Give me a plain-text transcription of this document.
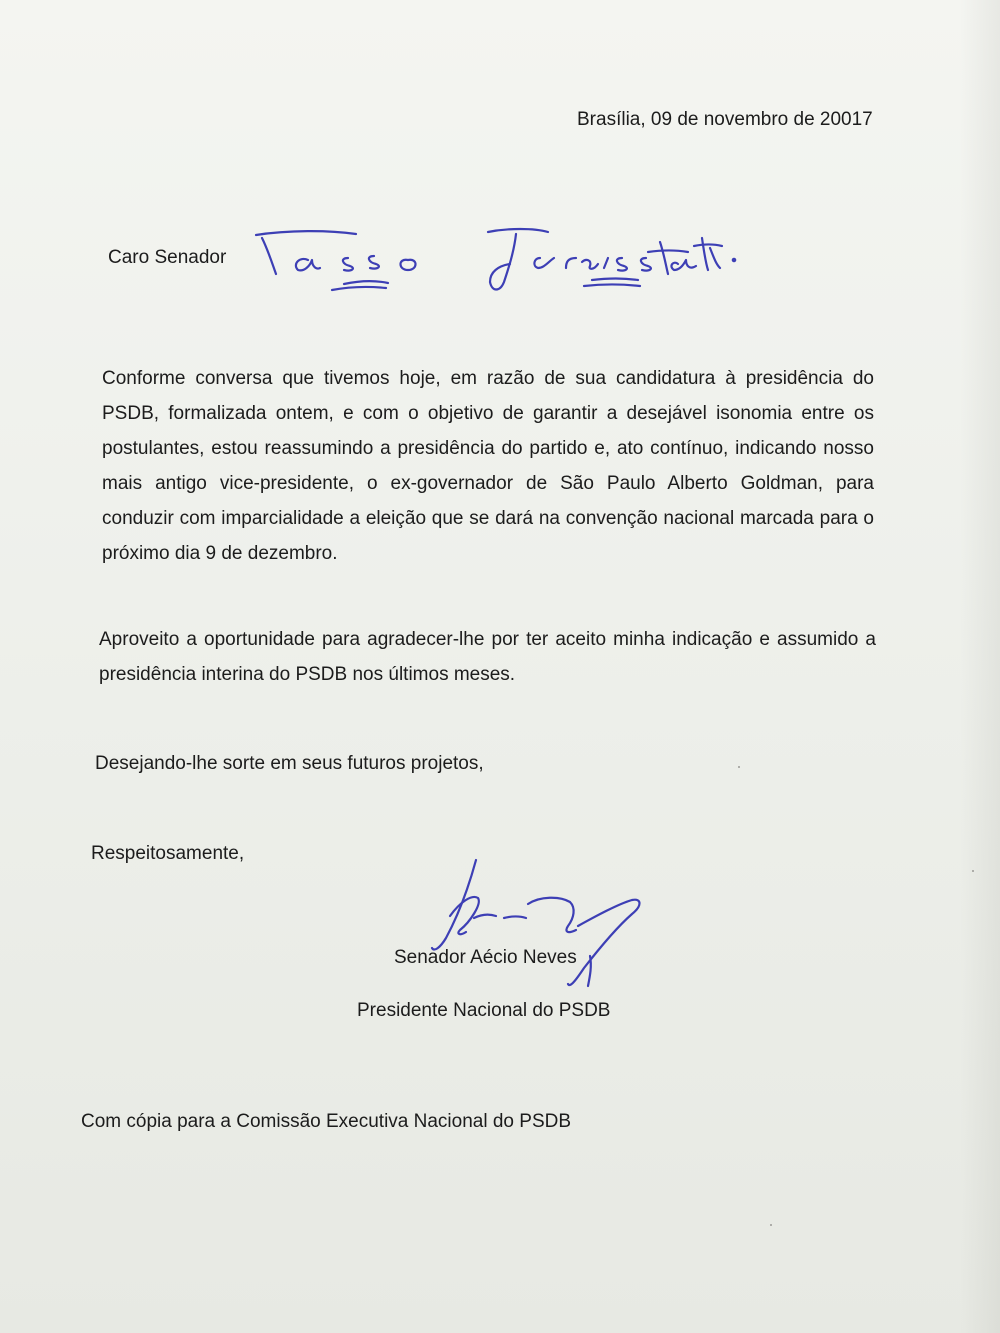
Brasília, 09 de novembro de 20017

Caro Senador

Conforme conversa que tivemos hoje, em razão de sua candidatura à presidência do PSDB, formalizada ontem, e com o objetivo de garantir a desejável isonomia entre os postulantes, estou reassumindo a presidência do partido e, ato contínuo, indicando nosso mais antigo vice-presidente, o ex-governador de São Paulo Alberto Goldman, para conduzir com imparcialidade a eleição que se dará na convenção nacional marcada para o próximo dia 9 de dezembro.

Aproveito a oportunidade para agradecer-lhe por ter aceito minha indicação e assumido a presidência interina do PSDB nos últimos meses.

Desejando-lhe sorte em seus futuros projetos,

Respeitosamente,

Senador Aécio Neves

Presidente Nacional do PSDB

Com cópia para a Comissão Executiva Nacional do PSDB
